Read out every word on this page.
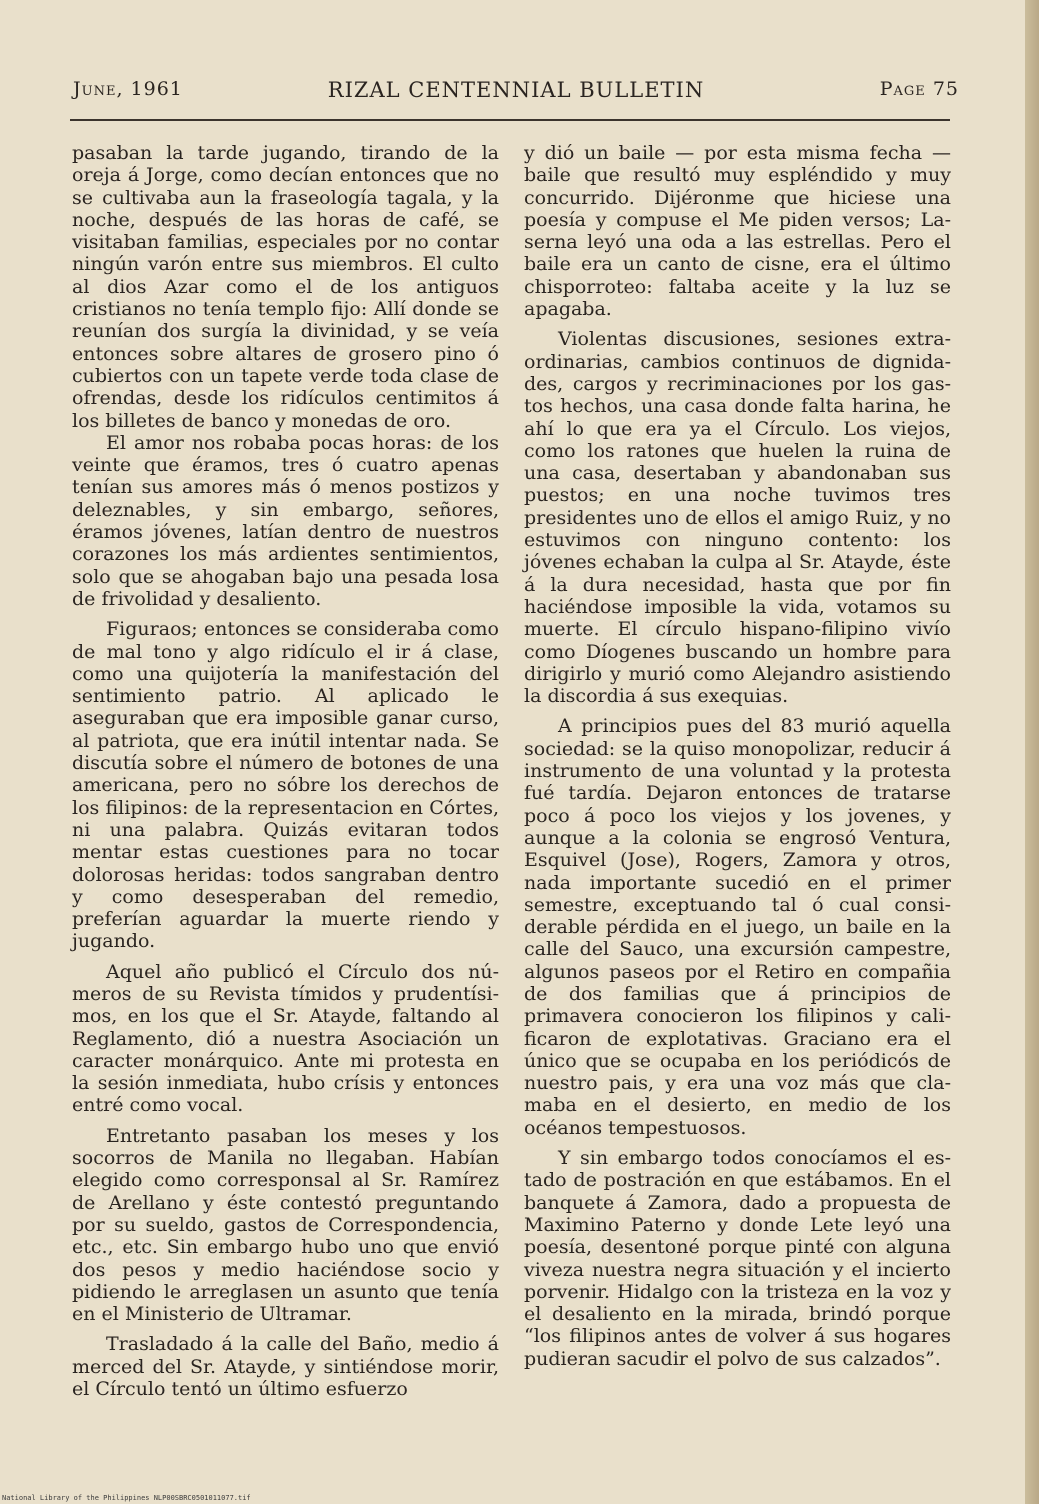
June, 1961	RIZAL CENTENNIAL BULLETIN	Page 75

pasaban la tarde jugando, tirando de la oreja á Jorge, como decían entonces que no se cultivaba aun la fraseología tagala, y la noche, después de las horas de café, se visitaban familias, especiales por no contar ningún varón entre sus miembros. El culto al dios Azar como el de los antiguos cristianos no tenía templo fijo: Allí donde se reunían dos surgía la divinidad, y se veía entonces sobre altares de grosero pino ó cubiertos con un tapete verde toda clase de ofrendas, desde los ridículos centimitos á los billetes de banco y monedas de oro.

El amor nos robaba pocas horas: de los veinte que éramos, tres ó cuatro apenas tenían sus amores más ó menos postizos y deleznables, y sin embargo, señores, éramos jóvenes, latían dentro de nuestros corazones los más ardientes sentimientos, solo que se ahogaban bajo una pesada losa de frivolidad y desaliento.

Figuraos; entonces se consideraba como de mal tono y algo ridículo el ir á clase, como una quijotería la manifestación del sentimiento patrio. Al aplicado le aseguraban que era imposible ganar curso, al patriota, que era inútil intentar nada. Se discutía sobre el número de botones de una americana, pero no sóbre los derechos de los filipinos: de la representacion en Córtes, ni una palabra. Quizás evitaran todos mentar estas cuestiones para no tocar dolorosas heridas: todos sangraban dentro y como desesperaban del remedio, preferían aguardar la muerte riendo y jugando.

Aquel año publicó el Círculo dos números de su Revista tímidos y prudentísimos, en los que el Sr. Atayde, faltando al Reglamento, dió a nuestra Asociación un caracter monárquico. Ante mi protesta en la sesión inmediata, hubo crísis y entonces entré como vocal.

Entretanto pasaban los meses y los socorros de Manila no llegaban. Habían elegido como corresponsal al Sr. Ramírez de Arellano y éste contestó preguntando por su sueldo, gastos de Correspondencia, etc., etc. Sin embargo hubo uno que envió dos pesos y medio haciéndose socio y pidiendo le arreglasen un asunto que tenía en el Ministerio de Ultramar.

Trasladado á la calle del Baño, medio á merced del Sr. Atayde, y sintiéndose morir, el Círculo tentó un último esfuerzo

y dió un baile — por esta misma fecha — baile que resultó muy espléndido y muy concurrido. Dijéronme que hiciese una poesía y compuse el Me piden versos; Laserna leyó una oda a las estrellas. Pero el baile era un canto de cisne, era el último chisporroteo: faltaba aceite y la luz se apagaba.

Violentas discusiones, sesiones extraordinarias, cambios continuos de dignidades, cargos y recriminaciones por los gastos hechos, una casa donde falta harina, he ahí lo que era ya el Círculo. Los viejos, como los ratones que huelen la ruina de una casa, desertaban y abandonaban sus puestos; en una noche tuvimos tres presidentes uno de ellos el amigo Ruiz, y no estuvimos con ninguno contento: los jóvenes echaban la culpa al Sr. Atayde, éste á la dura necesidad, hasta que por fin haciéndose imposible la vida, votamos su muerte. El círculo hispano-filipino vivío como Díogenes buscando un hombre para dirigirlo y murió como Alejandro asistiendo la discordia á sus exequias.

A principios pues del 83 murió aquella sociedad: se la quiso monopolizar, reducir á instrumento de una voluntad y la protesta fué tardía. Dejaron entonces de tratarse poco á poco los viejos y los jovenes, y aunque a la colonia se engrosó Ventura, Esquivel (Jose), Rogers, Zamora y otros, nada importante sucedió en el primer semestre, exceptuando tal ó cual considerable pérdida en el juego, un baile en la calle del Sauco, una excursión campestre, algunos paseos por el Retiro en compañia de dos familias que á principios de primavera conocieron los filipinos y calificaron de explotativas. Graciano era el único que se ocupaba en los periódicós de nuestro pais, y era una voz más que clamaba en el desierto, en medio de los océanos tempestuosos.

Y sin embargo todos conocíamos el estado de postración en que estábamos. En el banquete á Zamora, dado a propuesta de Maximino Paterno y donde Lete leyó una poesía, desentoné porque pinté con alguna viveza nuestra negra situación y el incierto porvenir. Hidalgo con la tristeza en la voz y el desaliento en la mirada, brindó porque “los filipinos antes de volver á sus hogares pudieran sacudir el polvo de sus calzados”.

National Library of the Philippines NLP00SBRC0501011077.tif
